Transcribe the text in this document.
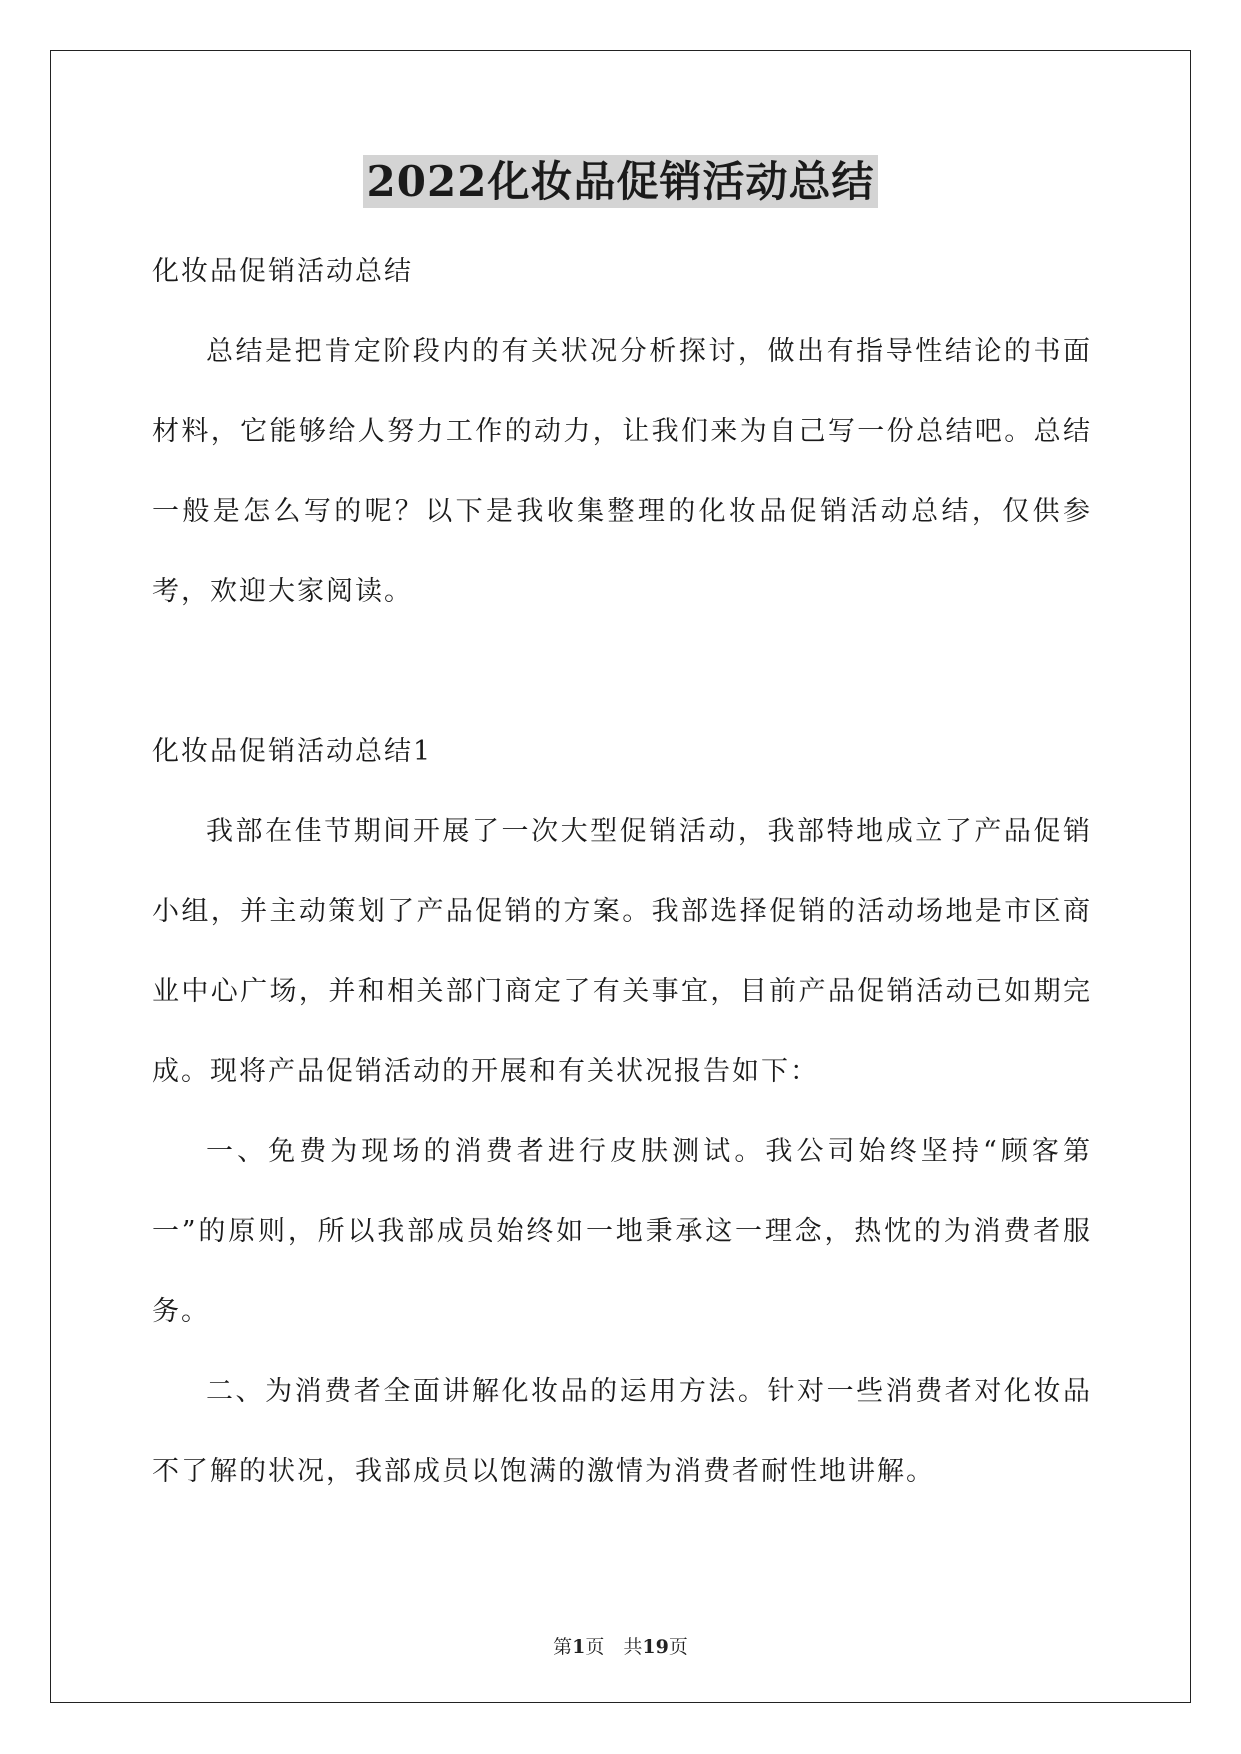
2022化妆品促销活动总结

化妆品促销活动总结

总结是把肯定阶段内的有关状况分析探讨，做出有指导性结论的书面材料，它能够给人努力工作的动力，让我们来为自己写一份总结吧。总结一般是怎么写的呢？以下是我收集整理的化妆品促销活动总结，仅供参考，欢迎大家阅读。

化妆品促销活动总结1

我部在佳节期间开展了一次大型促销活动，我部特地成立了产品促销小组，并主动策划了产品促销的方案。我部选择促销的活动场地是市区商业中心广场，并和相关部门商定了有关事宜，目前产品促销活动已如期完成。现将产品促销活动的开展和有关状况报告如下：

一、免费为现场的消费者进行皮肤测试。我公司始终坚持“顾客第一”的原则，所以我部成员始终如一地秉承这一理念，热忱的为消费者服务。

二、为消费者全面讲解化妆品的运用方法。针对一些消费者对化妆品不了解的状况，我部成员以饱满的激情为消费者耐性地讲解。

第1页　共19页
